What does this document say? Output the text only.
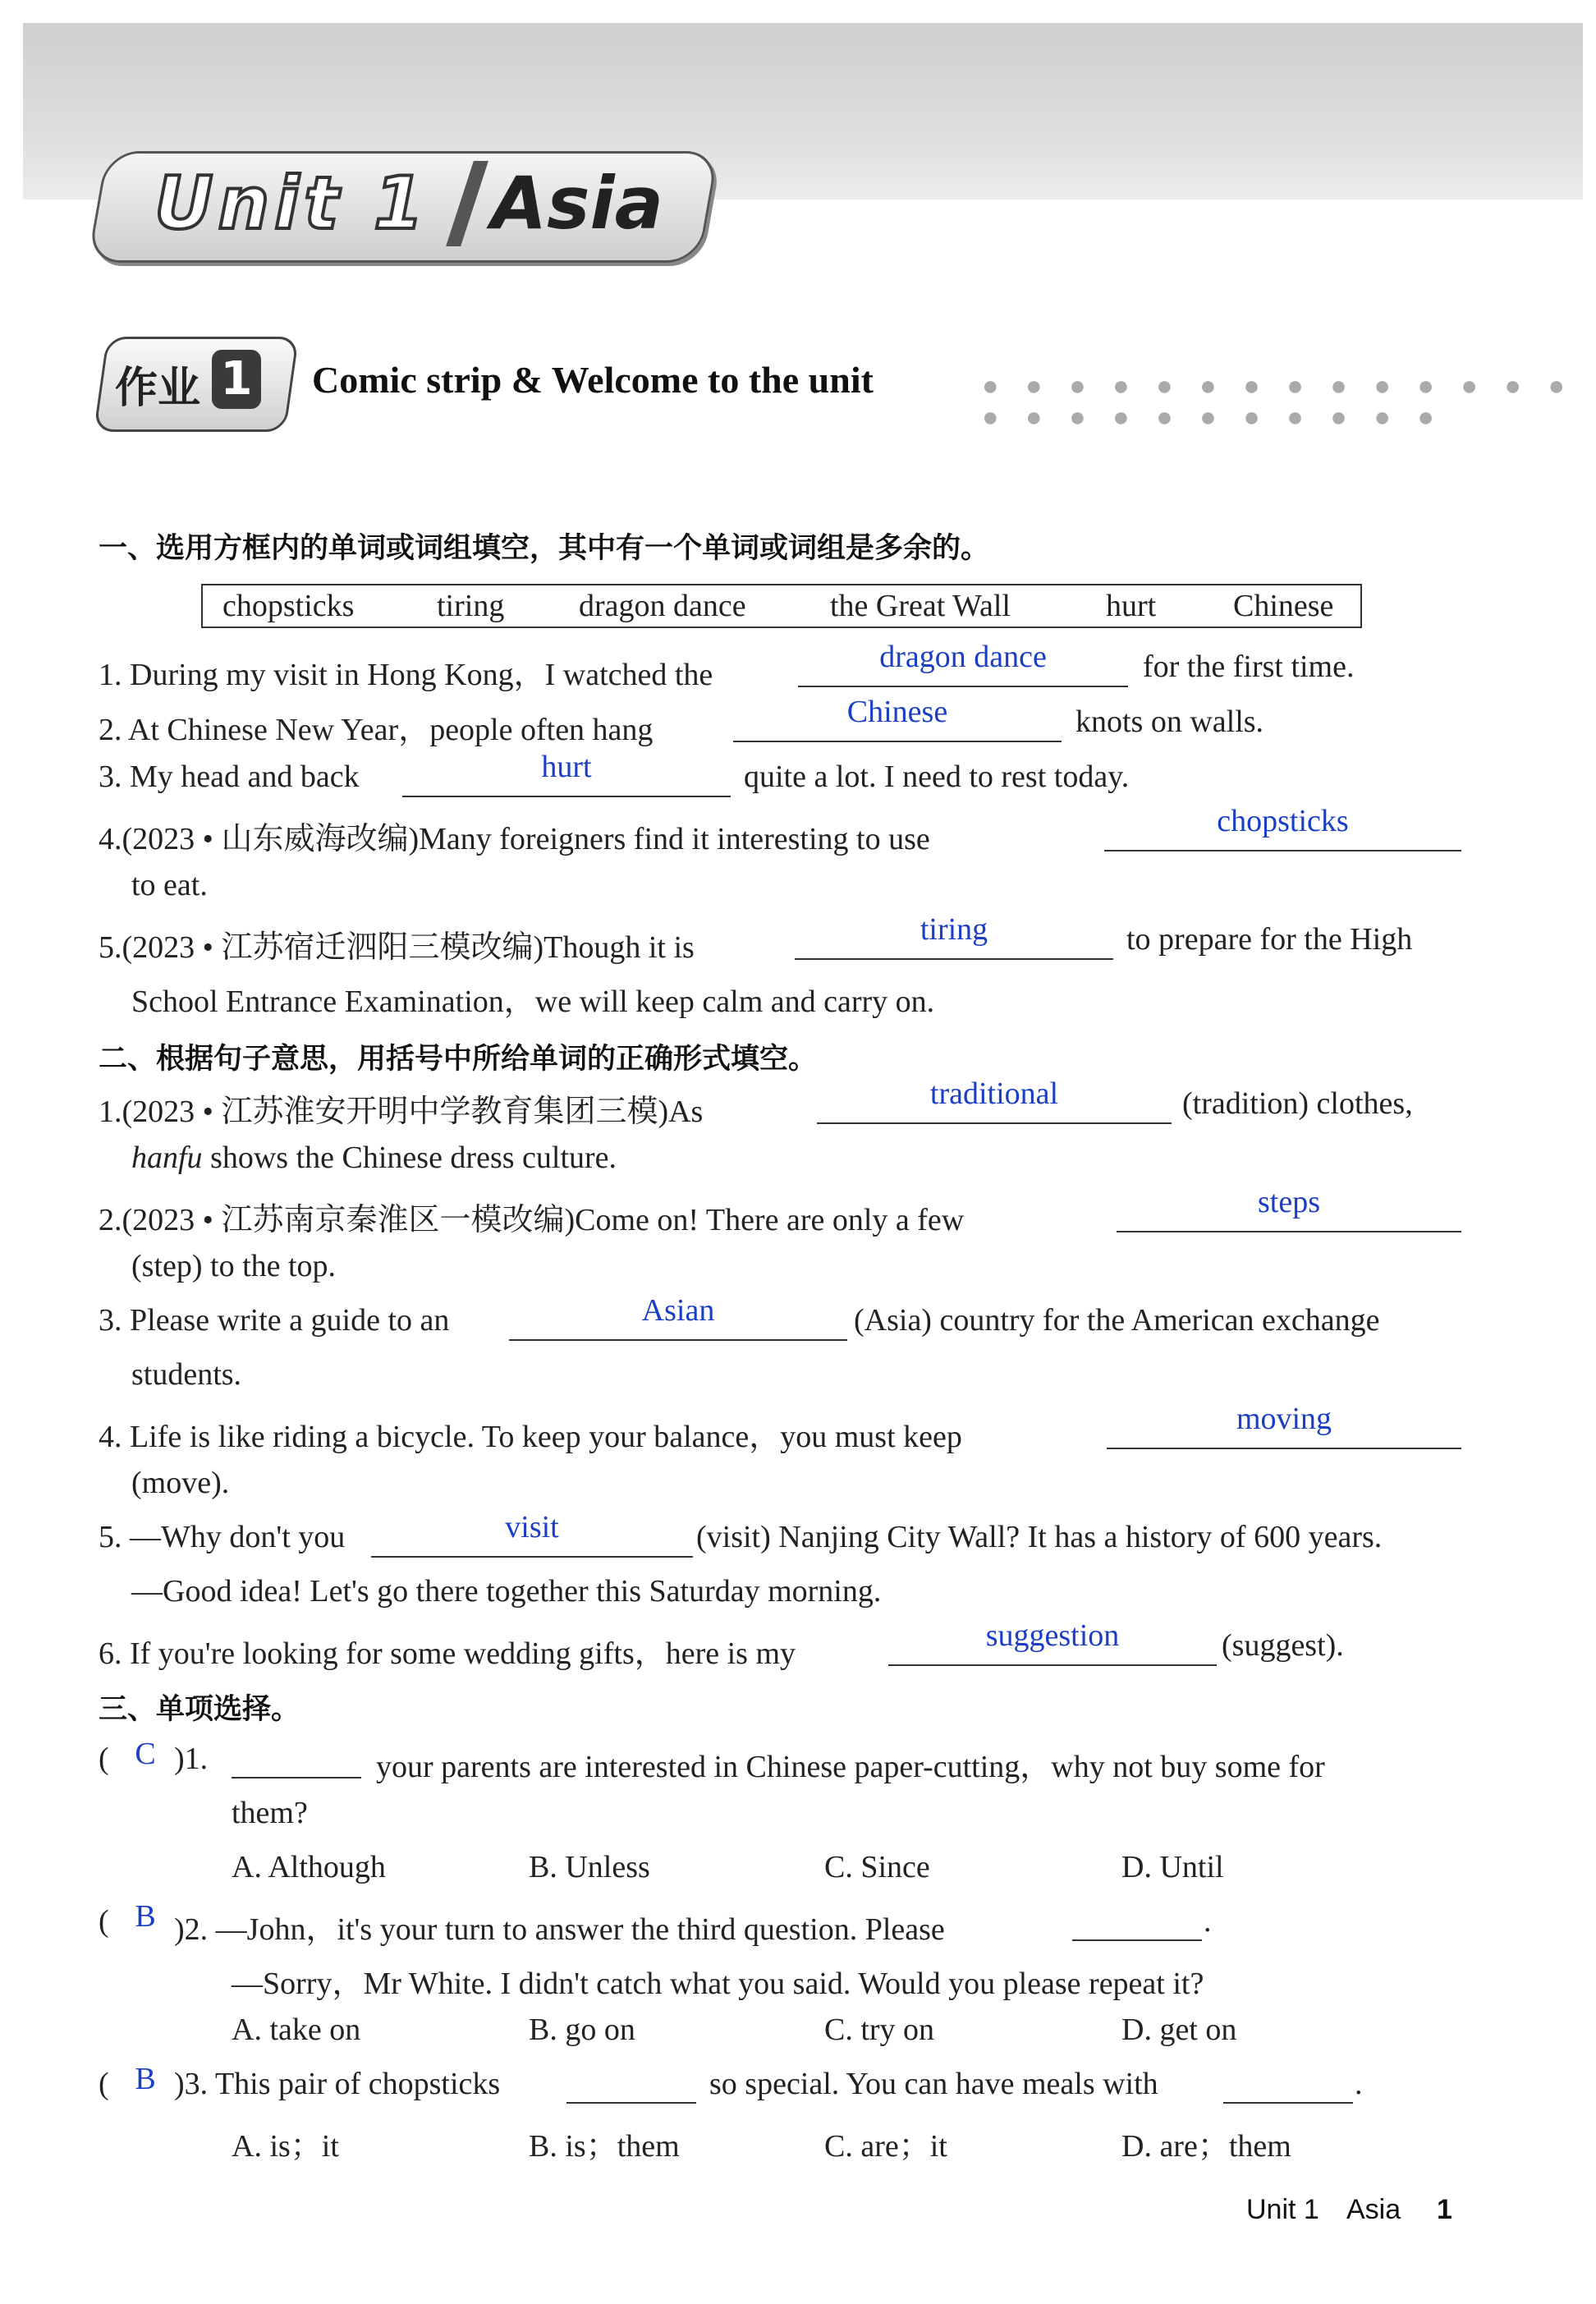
Unit 1 Asia
作业 1 Comic strip & Welcome to the unit	● ● ● ● ● ● ● ● ● ● ● ● ● ● ● ● ● ● ● ● ● ● ● ● ●
一、选用方框内的单词或词组填空，其中有一个单词或词组是多余的。
chopsticks	tiring dragon dance	the Great Wall	hurt Chinese
1. During my visit in Hong Kong，I watched the
dragon dance	for the first time.
2. At Chinese New Year，people often hang
Chinese	knots on walls.
3. My head and back	hurt	quite a lot. I need to rest today.
4.(2023 • 山东威海改编)Many foreigners find it interesting to use
chopsticks
to eat.
5.(2023 • 江苏宿迁泗阳三模改编)Though it is
tiring	to prepare for the High
School Entrance Examination，we will keep calm and carry on.
二、根据句子意思，用括号中所给单词的正确形式填空。
1.(2023 • 江苏淮安开明中学教育集团三模)As
traditional	(tradition) clothes,
hanfu shows the Chinese dress culture.
2.(2023 • 江苏南京秦淮区一模改编)Come on! There are only a few
steps
(step) to the top.
3. Please write a guide to an	Asian	(Asia) country for the American exchange
students.
4. Life is like riding a bicycle. To keep your balance，you must keep
moving
(move).
5. —Why don't you	visit	(visit) Nanjing City Wall? It has a history of 600 years.
—Good idea! Let's go there together this Saturday morning.
6. If you're looking for some wedding gifts，here is my
suggestion	(suggest).
三、单项选择。
( C )1.	your parents are interested in Chinese paper-cutting，why not buy some for
them?
A. Although	B. Unless	C. Since	D. Until
( B )2. —John，it's your turn to answer the third question. Please	.
—Sorry，Mr White. I didn't catch what you said. Would you please repeat it?
A. take on	B. go on	C. try on	D. get on
( B )3. This pair of chopsticks	so special. You can have meals with	.
A. is；it	B. is；them	C. are；it	D. are；them
Unit 1 Asia 1
